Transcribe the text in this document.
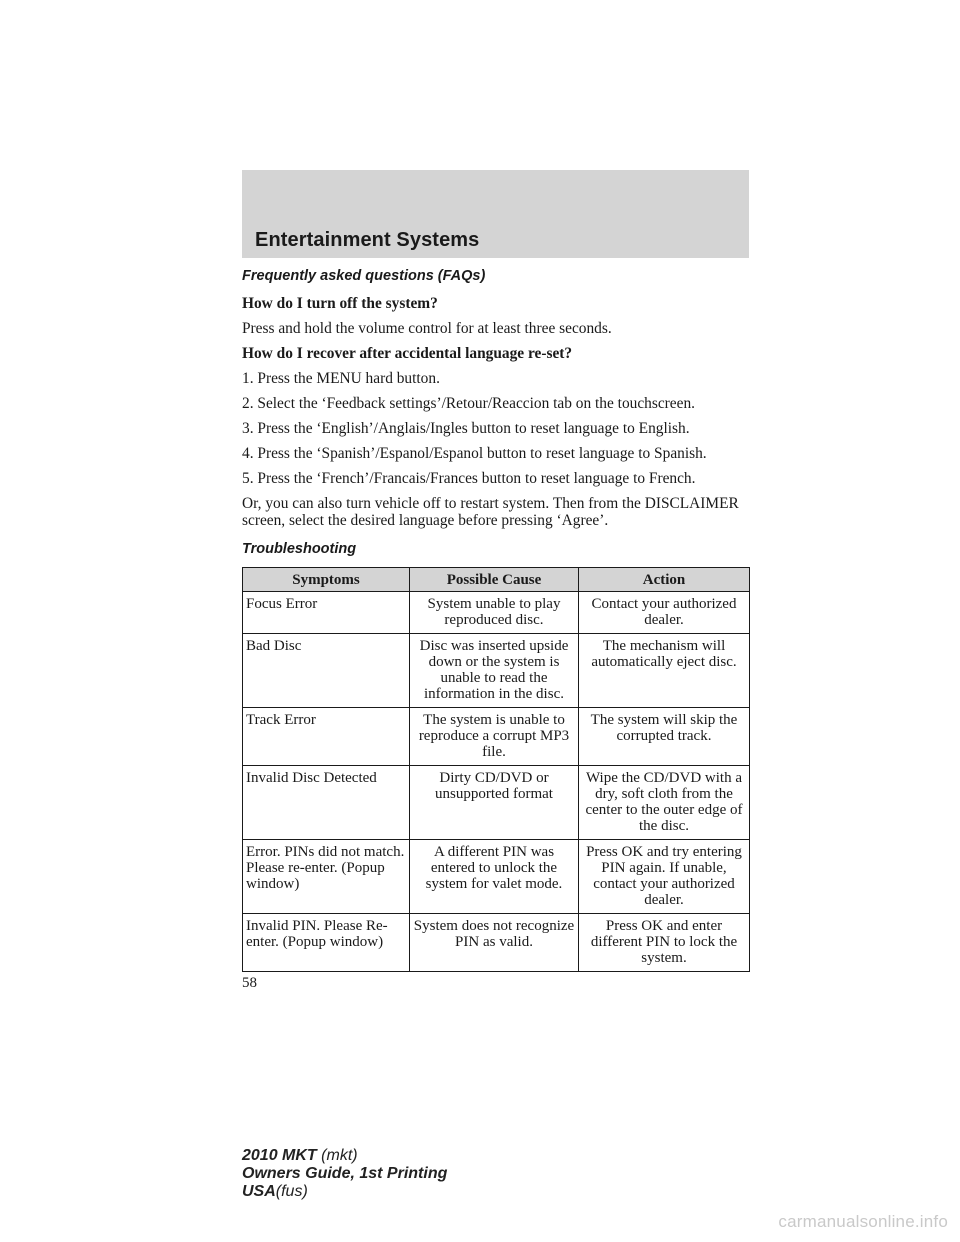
Entertainment Systems
Frequently asked questions (FAQs)
How do I turn off the system?
Press and hold the volume control for at least three seconds.
How do I recover after accidental language re-set?
1. Press the MENU hard button.
2. Select the ‘Feedback settings’/Retour/Reaccion tab on the touchscreen.
3. Press the ‘English’/Anglais/Ingles button to reset language to English.
4. Press the ‘Spanish’/Espanol/Espanol button to reset language to Spanish.
5. Press the ‘French’/Francais/Frances button to reset language to French.
Or, you can also turn vehicle off to restart system. Then from the DISCLAIMER screen, select the desired language before pressing ‘Agree’.
Troubleshooting
Symptoms	Possible Cause	Action
Focus Error	System unable to play reproduced disc.	Contact your authorized dealer.
Bad Disc	Disc was inserted upside down or the system is unable to read the information in the disc.	The mechanism will automatically eject disc.
Track Error	The system is unable to reproduce a corrupt MP3 file.	The system will skip the corrupted track.
Invalid Disc Detected	Dirty CD/DVD or unsupported format	Wipe the CD/DVD with a dry, soft cloth from the center to the outer edge of the disc.
Error. PINs did not match. Please re-enter. (Popup window)	A different PIN was entered to unlock the system for valet mode.	Press OK and try entering PIN again. If unable, contact your authorized dealer.
Invalid PIN. Please Re-enter. (Popup window)	System does not recognize PIN as valid.	Press OK and enter different PIN to lock the system.
58
2010 MKT (mkt)
Owners Guide, 1st Printing
USA(fus)
carmanualsonline.info
